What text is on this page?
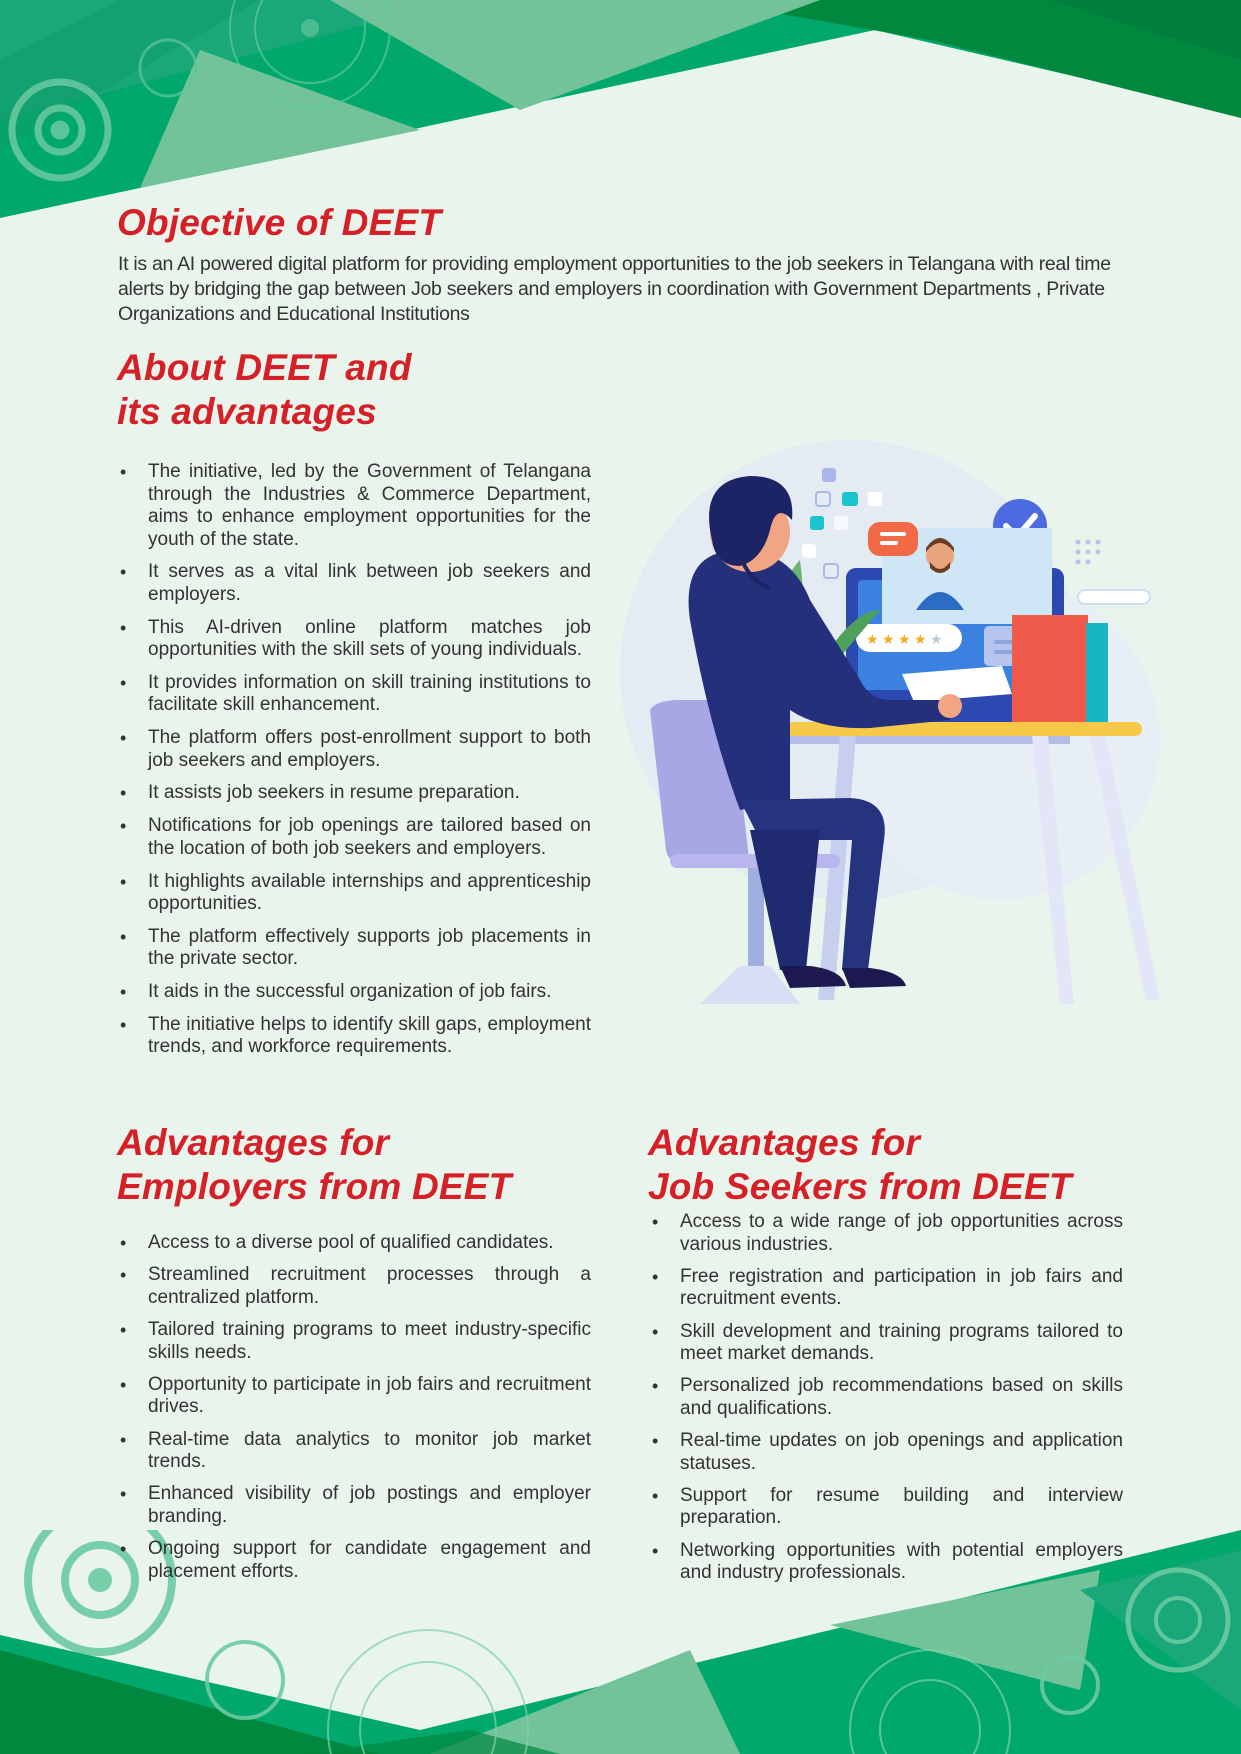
Objective of DEET

It is an AI powered digital platform for providing employment opportunities to the job seekers in Telangana with real time alerts by bridging the gap between Job seekers and employers in coordination with Government Departments , Private Organizations and Educational Institutions

About DEET and
its advantages
• The initiative, led by the Government of Telangana through the Industries & Commerce Department, aims to enhance employment opportunities for the youth of the state.
• It serves as a vital link between job seekers and employers.
• This AI-driven online platform matches job opportunities with the skill sets of young individuals.
• It provides information on skill training institutions to facilitate skill enhancement.
• The platform offers post-enrollment support to both job seekers and employers.
• It assists job seekers in resume preparation.
• Notifications for job openings are tailored based on the location of both job seekers and employers.
• It highlights available internships and apprenticeship opportunities.
• The platform effectively supports job placements in the private sector.
• It aids in the successful organization of job fairs.
• The initiative helps to identify skill gaps, employment trends, and workforce requirements.
★ ★ ★ ★ ★
Advantages for
Employers from DEET
• Access to a diverse pool of qualified candidates.
• Streamlined recruitment processes through a centralized platform.
• Tailored training programs to meet industry-specific skills needs.
• Opportunity to participate in job fairs and recruitment drives.
• Real-time data analytics to monitor job market trends.
• Enhanced visibility of job postings and employer branding.
• Ongoing support for candidate engagement and placement efforts.
Advantages for
Job Seekers from DEET
• Access to a wide range of job opportunities across various industries.
• Free registration and participation in job fairs and recruitment events.
• Skill development and training programs tailored to meet market demands.
• Personalized job recommendations based on skills and qualifications.
• Real-time updates on job openings and application statuses.
• Support for resume building and interview preparation.
• Networking opportunities with potential employers and industry professionals.
